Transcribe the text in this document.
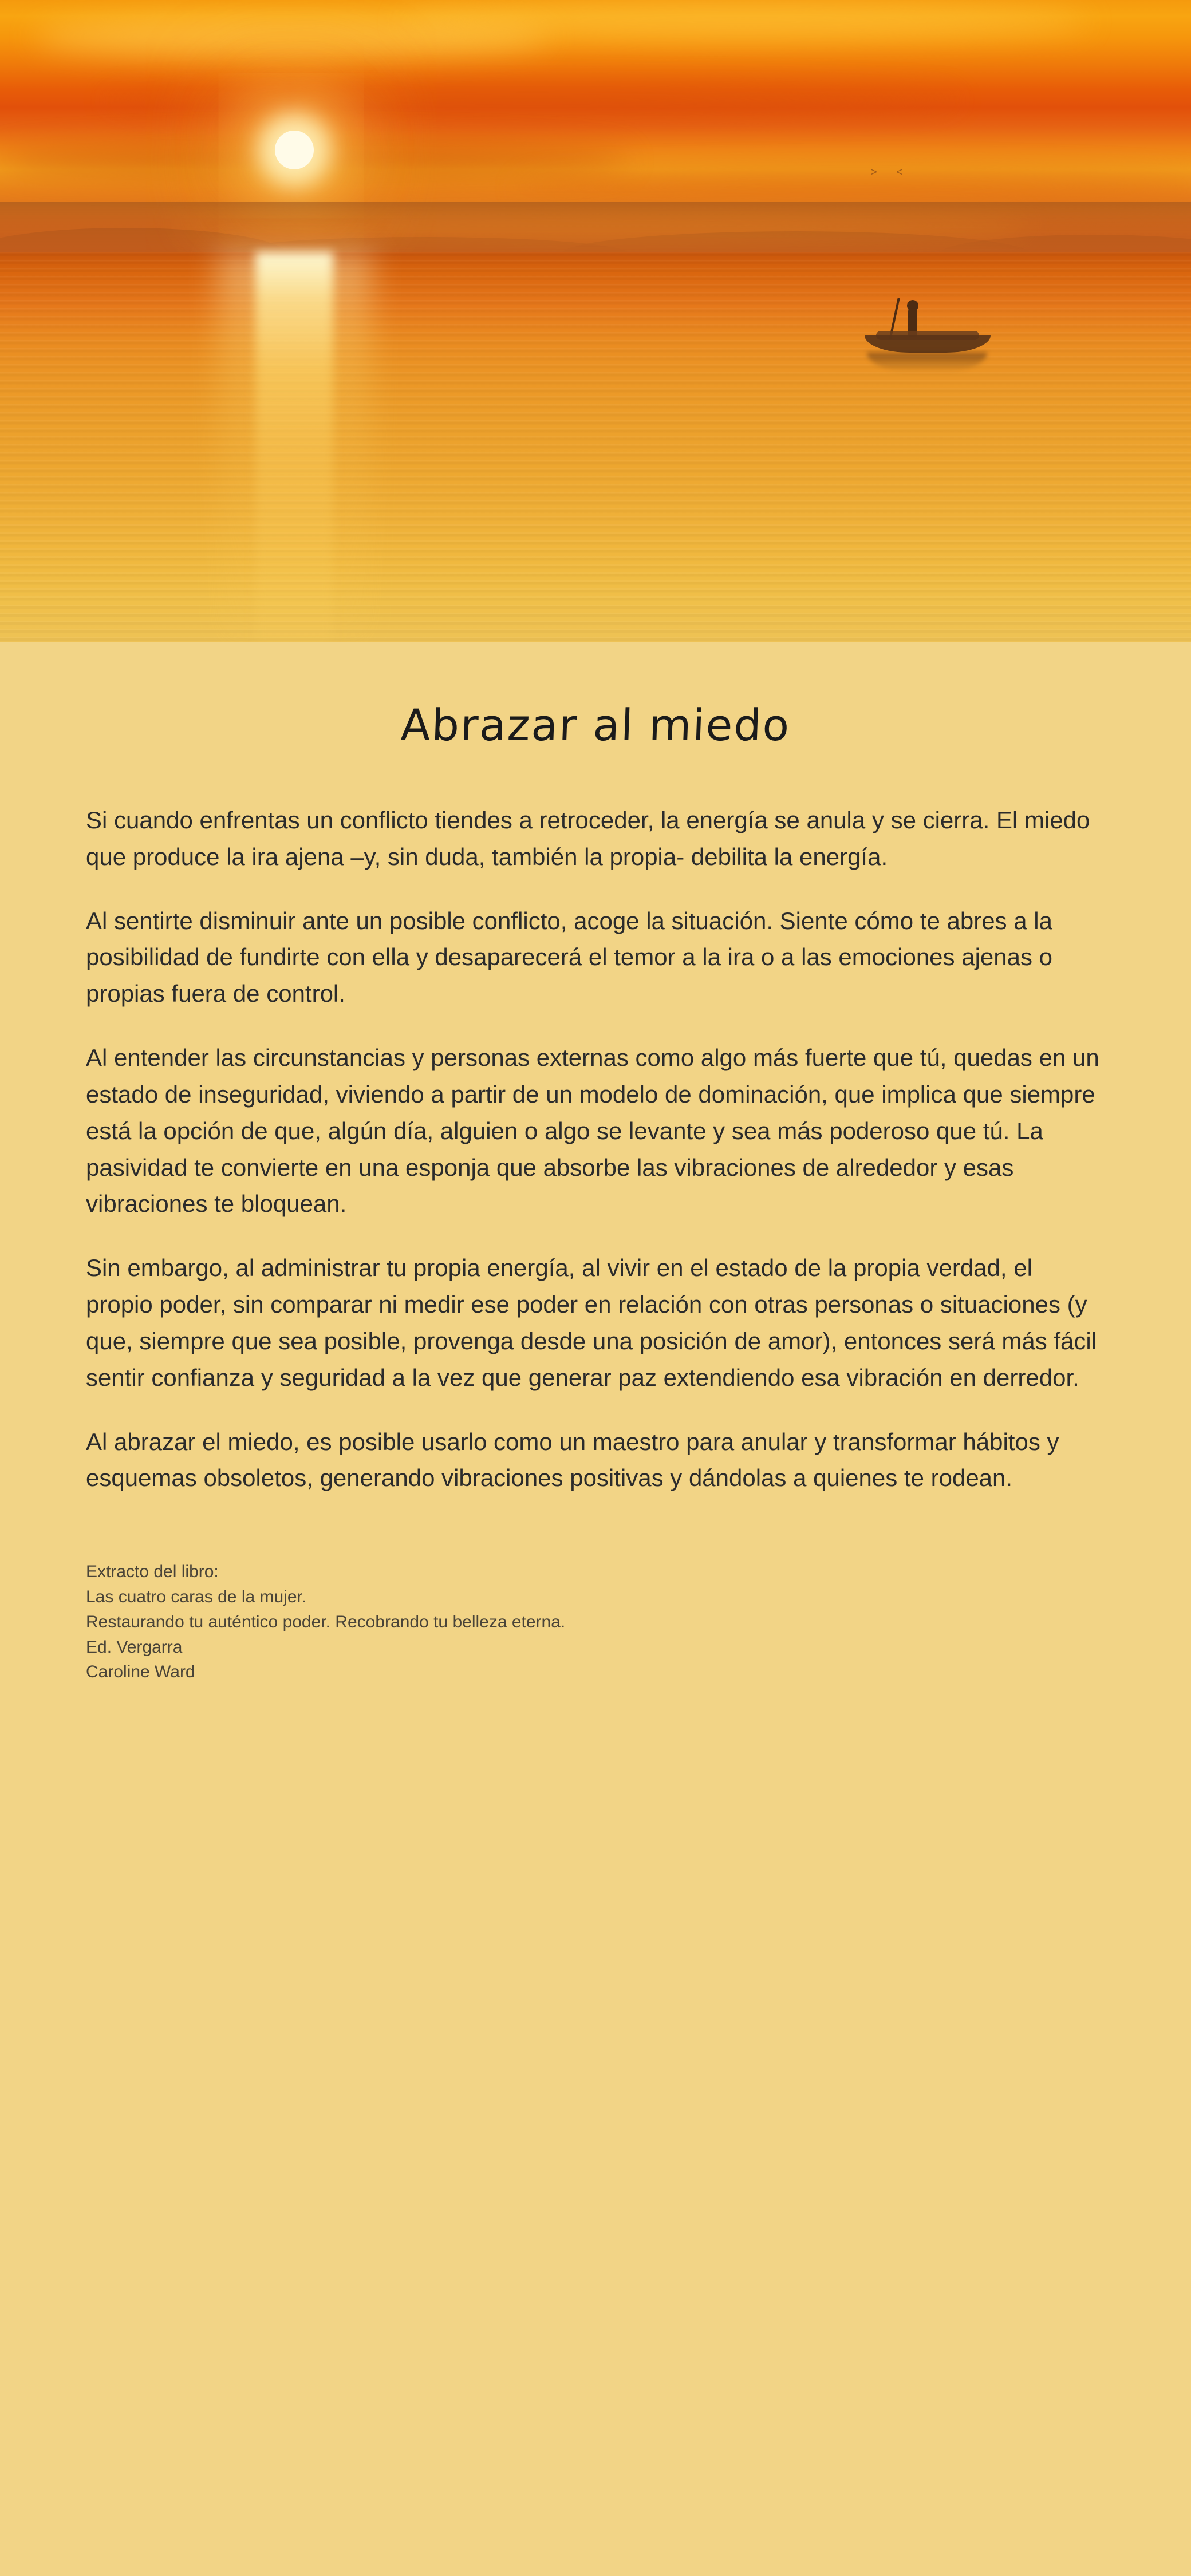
˃ ˂
Abrazar al miedo

Si cuando enfrentas un conflicto tiendes a retroceder, la energía se anula y se cierra. El miedo que produce la ira ajena –y, sin duda, también la propia- debilita la energía.

Al sentirte disminuir ante un posible conflicto, acoge la situación. Siente cómo te abres a la posibilidad de fundirte con ella y desaparecerá el temor a la ira o a las emociones ajenas o propias fuera de control.

Al entender las circunstancias y personas externas como algo más fuerte que tú, quedas en un estado de inseguridad, viviendo a partir de un modelo de dominación, que implica que siempre está la opción de que, algún día, alguien o algo se levante y sea más poderoso que tú. La pasividad te convierte en una esponja que absorbe las vibraciones de alrededor y esas vibraciones te bloquean.

Sin embargo, al administrar tu propia energía, al vivir en el estado de la propia verdad, el propio poder, sin comparar ni medir ese poder en relación con otras personas o situaciones (y que, siempre que sea posible, provenga desde una posición de amor), entonces será más fácil sentir confianza y seguridad a la vez que generar paz extendiendo esa vibración en derredor.

Al abrazar el miedo, es posible usarlo como un maestro para anular y transformar hábitos y esquemas obsoletos, generando vibraciones positivas y dándolas a quienes te rodean.

Extracto del libro:
Las cuatro caras de la mujer.
Restaurando tu auténtico poder. Recobrando tu belleza eterna.
Ed. Vergarra
Caroline Ward
